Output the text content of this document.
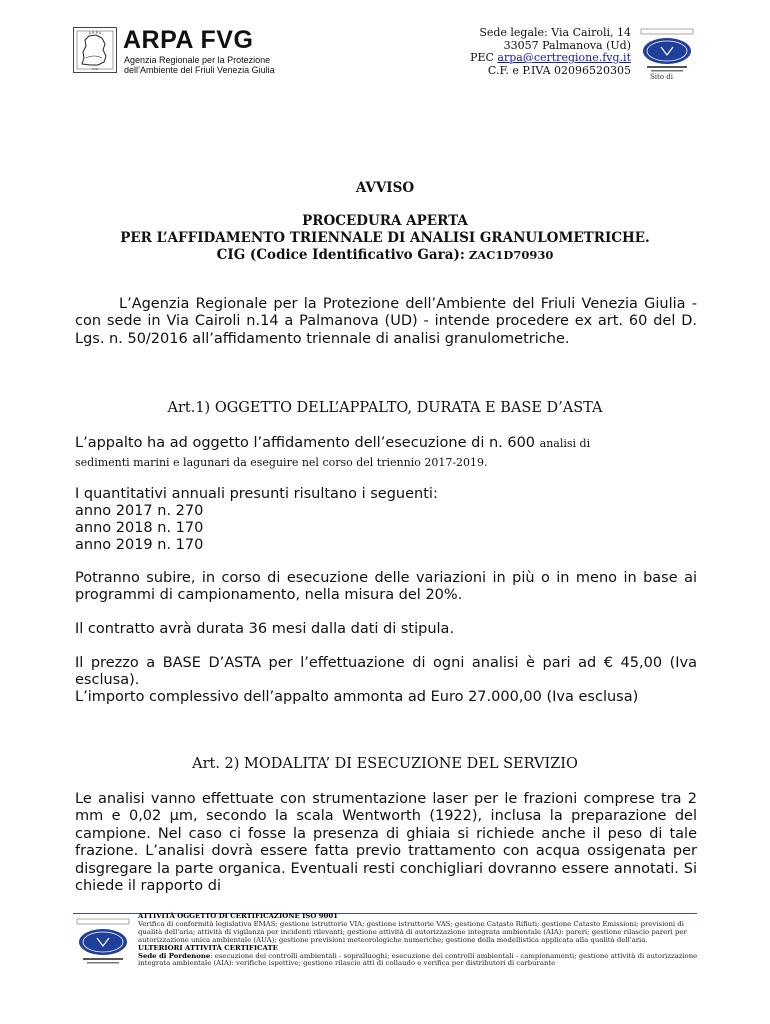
A R P A
FVG
ARPA FVG
Agenzia Regionale per la Protezione
dell’Ambiente del Friuli Venezia Giulia
Sede legale: Via Cairoli, 14
33057 Palmanova (Ud)
PEC arpa@certregione.fvg.it
C.F. e P.IVA 02096520305
Sito di
AVVISO
PROCEDURA APERTA
PER L’AFFIDAMENTO TRIENNALE DI ANALISI GRANULOMETRICHE.
CIG (Codice Identificativo Gara): ZAC1D70930
L’Agenzia Regionale per la Protezione dell’Ambiente del Friuli Venezia Giulia - con sede in Via Cairoli n.14 a Palmanova (UD) - intende procedere ex art. 60 del D. Lgs. n. 50/2016 all’affidamento triennale di analisi granulometriche.
Art.1) OGGETTO DELL’APPALTO, DURATA E BASE D’ASTA
L’appalto ha ad oggetto l’affidamento dell’esecuzione di n. 600 analisi di
sedimenti marini e lagunari da eseguire nel corso del triennio 2017-2019.
I quantitativi annuali presunti risultano i seguenti:
anno 2017 n. 270
anno 2018 n. 170
anno 2019 n. 170
Potranno subire, in corso di esecuzione delle variazioni in più o in meno in base ai programmi di campionamento, nella misura del 20%.
Il contratto avrà durata 36 mesi dalla dati di stipula.
Il prezzo a BASE D’ASTA per l’effettuazione di ogni analisi è pari ad € 45,00 (Iva esclusa).
L’importo complessivo dell’appalto ammonta ad Euro 27.000,00 (Iva esclusa)
Art. 2) MODALITA’ DI ESECUZIONE DEL SERVIZIO
Le analisi vanno effettuate con strumentazione laser per le frazioni comprese tra 2 mm e 0,02 µm, secondo la scala Wentworth (1922), inclusa la preparazione del campione. Nel caso ci fosse la presenza di ghiaia si richiede anche il peso di tale frazione. L’analisi dovrà essere fatta previo trattamento con acqua ossigenata per disgregare la parte organica. Eventuali resti conchigliari dovranno essere annotati. Si chiede il rapporto di
ATTIVITÀ OGGETTO DI CERTIFICAZIONE ISO 9001
Verifica di conformità legislativa EMAS; gestione istruttorie VIA; gestione istruttorie VAS; gestione Catasto Rifiuti; gestione Catasto Emissioni; previsioni di qualità dell'aria; attività di vigilanza per incidenti rilevanti; gestione attività di autorizzazione integrata ambientale (AIA): pareri; gestione rilascio pareri per autorizzazione unica ambientale (AUA); gestione previsioni meteorologiche numeriche; gestione della modellistica applicata alla qualità dell'aria.
ULTERIORI ATTIVITÀ CERTIFICATE
Sede di Pordenone: esecuzione dei controlli ambientali - sopralluoghi; esecuzione dei controlli ambientali - campionamenti; gestione attività di autorizzazione integrata ambientale (AIA): verifiche ispettive; gestione rilascio atti di collaudo e verifica per distributori di carburante
